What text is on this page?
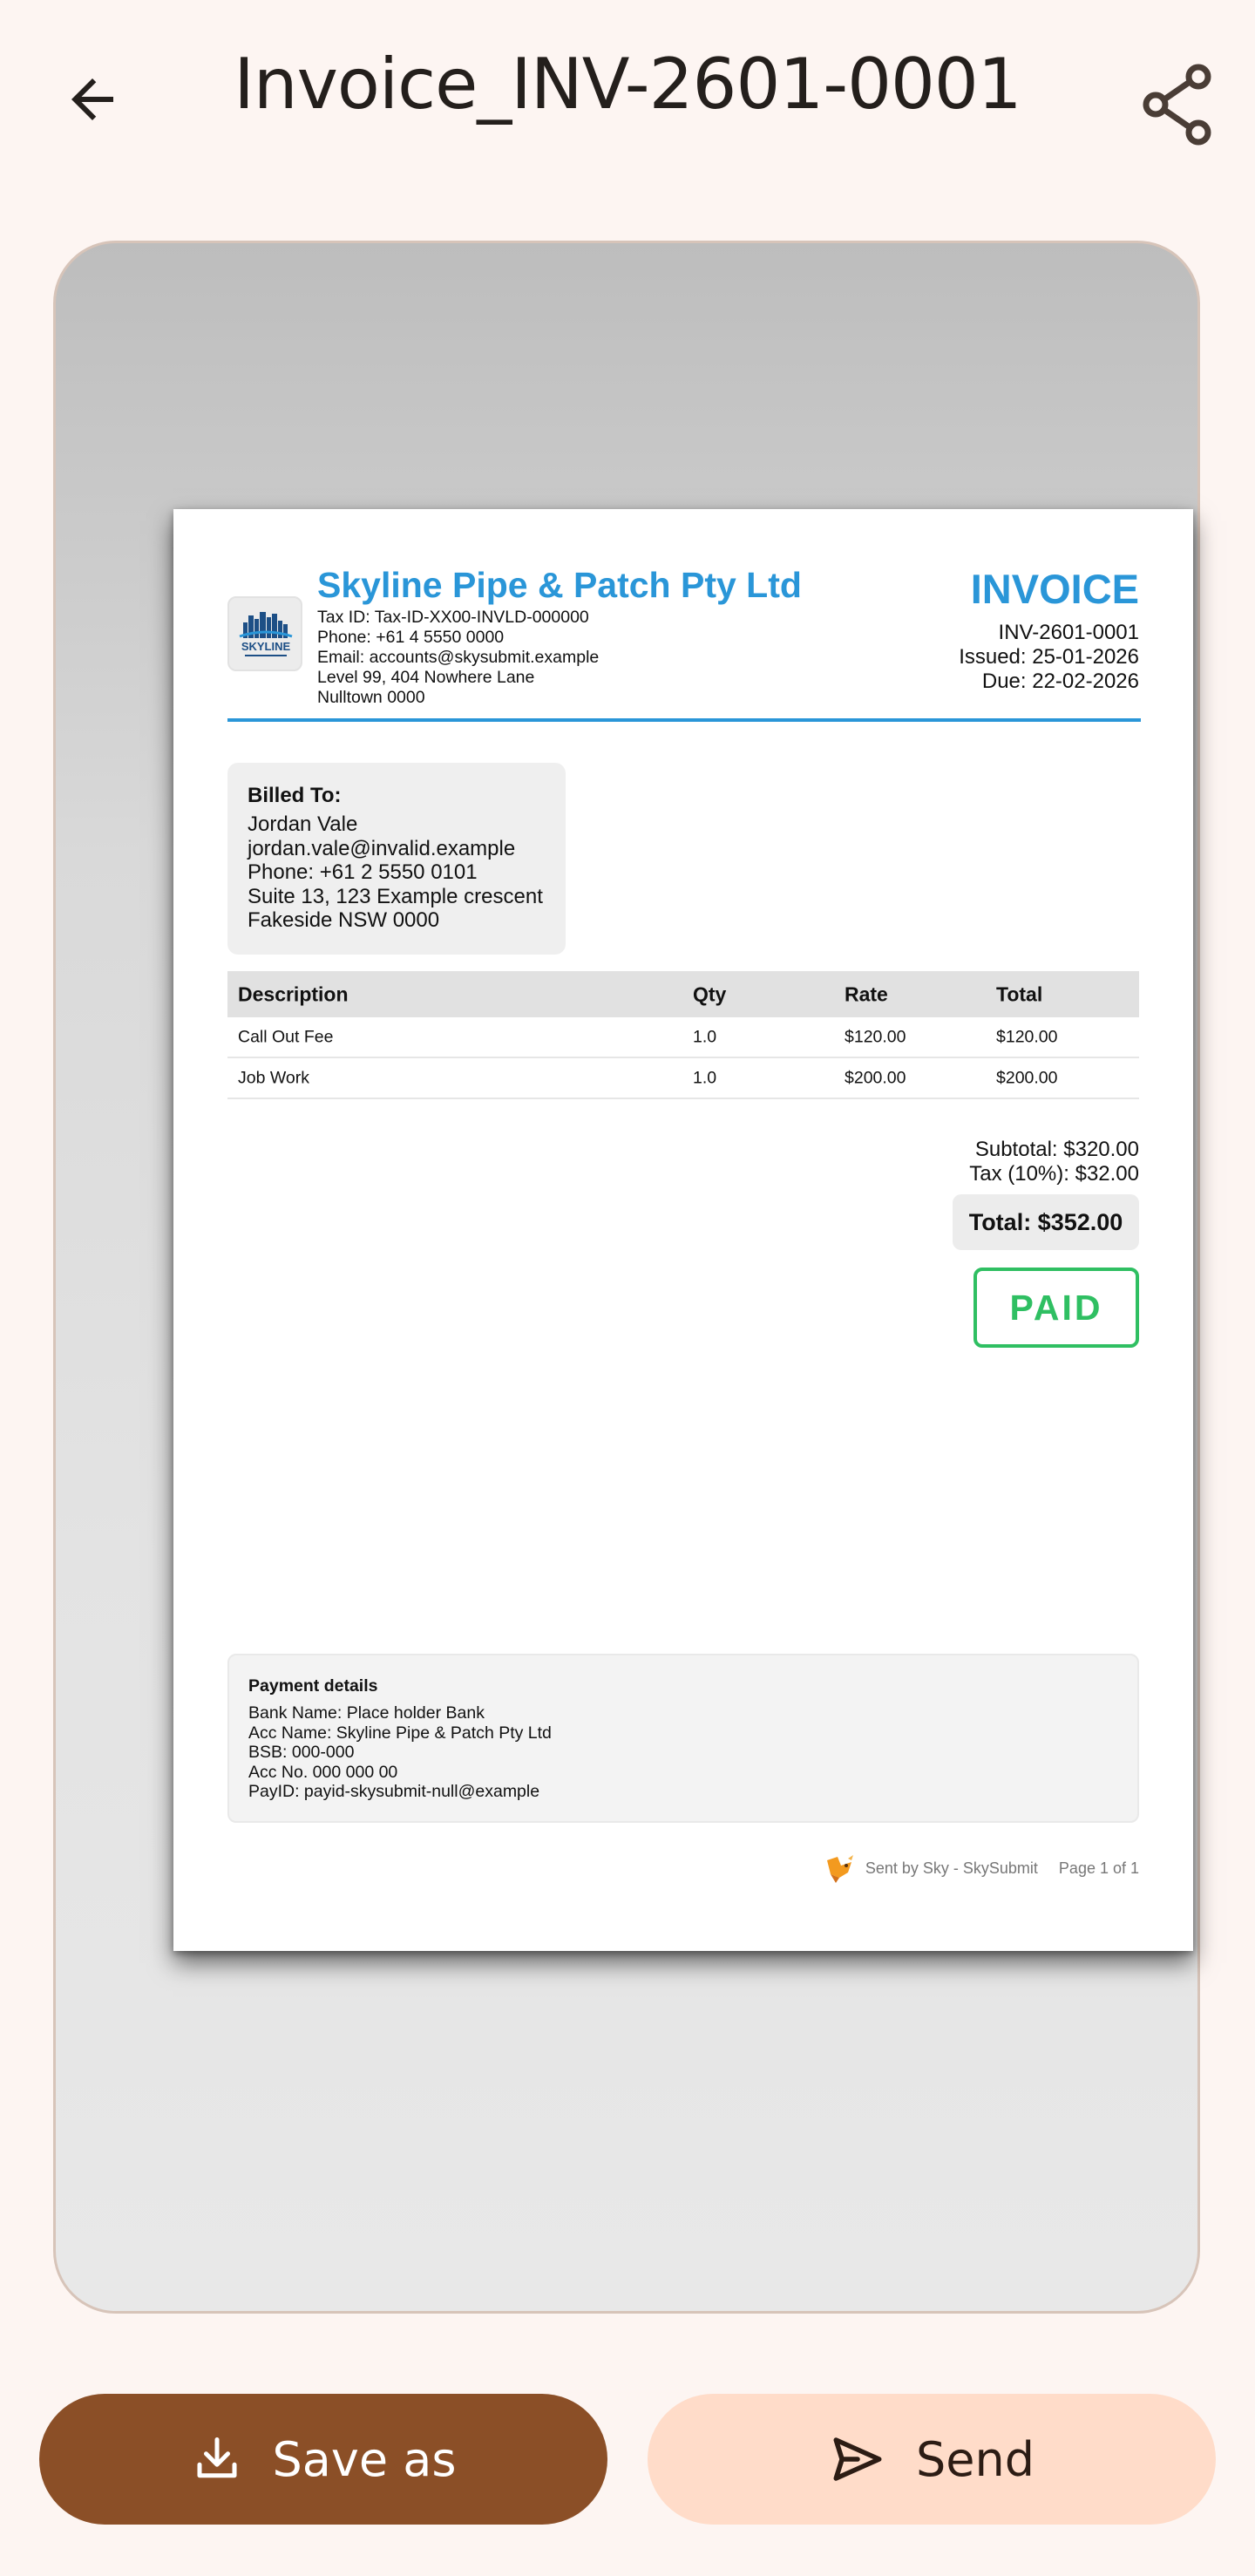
Invoice_INV-2601-0001
SKYLINE
Skyline Pipe & Patch Pty Ltd
Tax ID: Tax-ID-XX00-INVLD-000000
Phone: +61 4 5550 0000
Email: accounts@skysubmit.example
Level 99, 404 Nowhere Lane
Nulltown 0000
INVOICE
INV-2601-0001
Issued: 25-01-2026
Due: 22-02-2026
Billed To:
Jordan Vale
jordan.vale@invalid.example
Phone: +61 2 5550 0101
Suite 13, 123 Example crescent
Fakeside NSW 0000
Description	Qty	Rate	Total
Call Out Fee	1.0	$120.00	$120.00
Job Work	1.0	$200.00	$200.00
Subtotal: $320.00
Tax (10%): $32.00
Total: $352.00
PAID
Payment details
Bank Name: Place holder Bank
Acc Name: Skyline Pipe & Patch Pty Ltd
BSB: 000-000
Acc No. 000 000 00
PayID: payid-skysubmit-null@example
Sent by Sky - SkySubmit Page 1 of 1
Save as	Send
